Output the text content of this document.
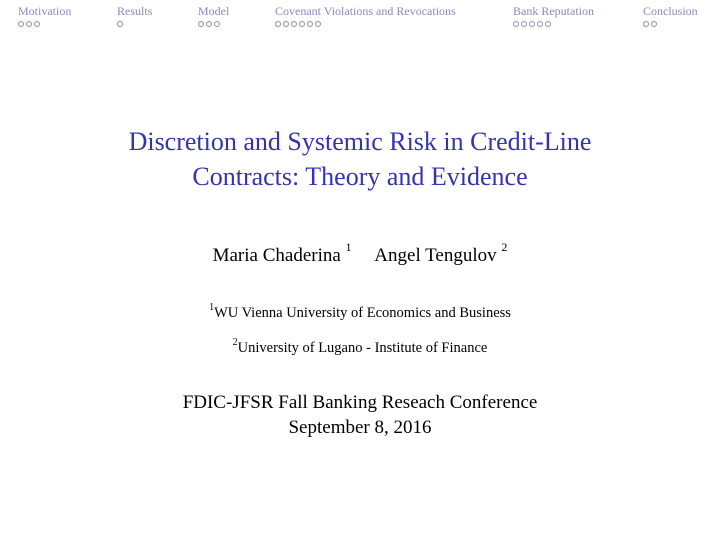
Motivation	Results	Model	Covenant Violations and Revocations	Bank Reputation	Conclusion
Discretion and Systemic Risk in Credit-Line
Contracts: Theory and Evidence
Maria Chaderina $^1$ Angel Tengulov $^2$
$^1$WU Vienna University of Economics and Business
$^2$University of Lugano - Institute of Finance
FDIC-JFSR Fall Banking Reseach Conference
September 8, 2016
